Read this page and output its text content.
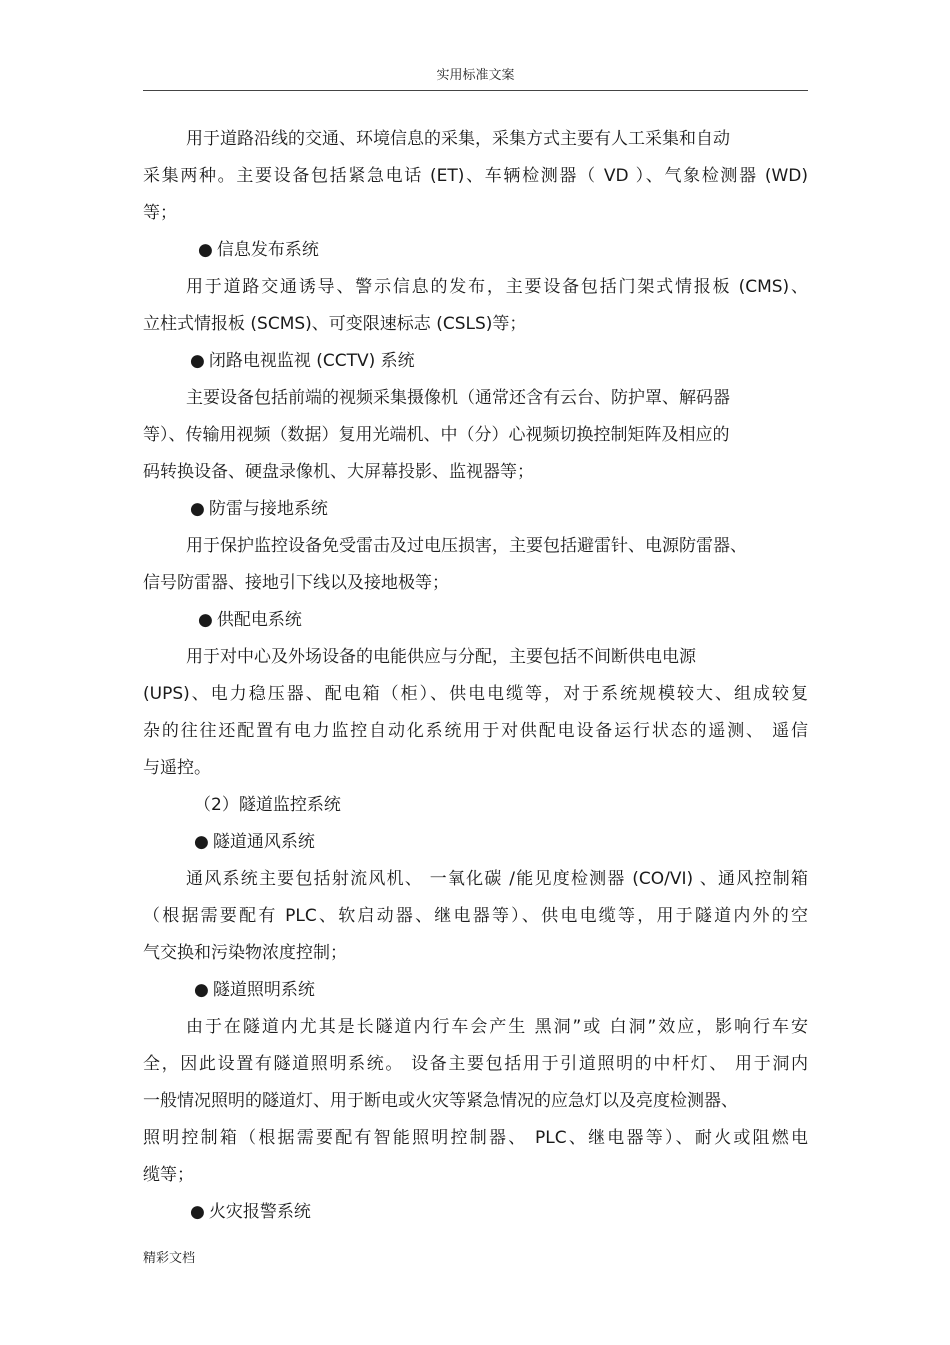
实用标准文案
用于道路沿线的交通、环境信息的采集，采集方式主要有人工采集和自动
采集两种。主要设备包括紧急电话 (ET)、车辆检测器（ VD ）、气象检测器 (WD)
等；
● 信息发布系统
用于道路交通诱导、警示信息的发布，主要设备包括门架式情报板 (CMS)、
立柱式情报板 (SCMS)、可变限速标志 (CSLS)等；
● 闭路电视监视 (CCTV) 系统
主要设备包括前端的视频采集摄像机（通常还含有云台、防护罩、解码器
等）、传输用视频（数据）复用光端机、中（分）心视频切换控制矩阵及相应的
码转换设备、硬盘录像机、大屏幕投影、监视器等；
● 防雷与接地系统
用于保护监控设备免受雷击及过电压损害，主要包括避雷针、电源防雷器、
信号防雷器、接地引下线以及接地极等；
● 供配电系统
用于对中心及外场设备的电能供应与分配，主要包括不间断供电电源
(UPS)、电力稳压器、配电箱（柜）、供电电缆等，对于系统规模较大、组成较复
杂的往往还配置有电力监控自动化系统用于对供配电设备运行状态的遥测、 遥信
与遥控。
（2）隧道监控系统
● 隧道通风系统
通风系统主要包括射流风机、 一氧化碳 /能见度检测器 (CO/VI) 、通风控制箱
（根据需要配有 PLC、软启动器、继电器等）、供电电缆等，用于隧道内外的空
气交换和污染物浓度控制；
● 隧道照明系统
由于在隧道内尤其是长隧道内行车会产生 黑洞”或 白洞”效应，影响行车安
全，因此设置有隧道照明系统。 设备主要包括用于引道照明的中杆灯、 用于洞内
一般情况照明的隧道灯、用于断电或火灾等紧急情况的应急灯以及亮度检测器、
照明控制箱（根据需要配有智能照明控制器、 PLC、继电器等）、耐火或阻燃电
缆等；
● 火灾报警系统
精彩文档
